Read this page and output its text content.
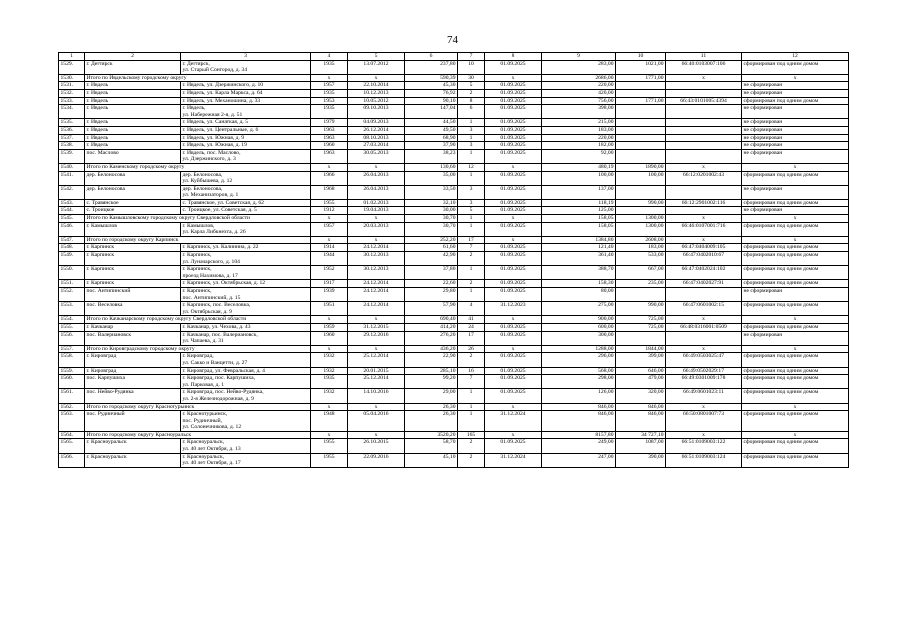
74
1	2	3	4	5	6	7	8	9	10	11	12
1529.	г. Дегтярск	г. Дегтярск,
ул. Старый Сонгород, д. 34	1935	13.07.2012	237,80	10	01.09.2025	283,00	1021,00	66:40:0103007:106	сформирован под одним домом
1530.	Итого по Ивдельскому городскому округу		x	x	590,39	30	x	2686,00	1771,00	x	x
1531.	г. Ивдель	г. Ивдель, ул. Дзержинского, д. 10	1957	22.10.2014	45,30	5	01.09.2025	220,00			не сформирован
1532.	г. Ивдель	г. Ивдель, ул. Карла Маркса, д. 64	1935	10.12.2013	76,92	2	01.09.2025	420,00			не сформирован
1533.	г. Ивдель	г. Ивдель, ул. Механошина, д. 33	1953	10.05.2012	90,10	8	01.09.2025	756,00	1771,00	66:43:0101005:4394	сформирован под одним домом
1534.	г. Ивдель	г. Ивдель,
ул. Набережная 2-я, д. 51	1935	09.10.2013	147,04	6	01.09.2025	398,00			не сформирован
1535.	г. Ивдель	г. Ивдель, ул. Санаткая, д. 5	1979	04.09.2013	44,50	1	01.09.2025	215,00			не сформирован
1536.	г. Ивдель	г. Ивдель, ул. Центральные, д. 6	1963	26.12.2014	49,50	3	01.09.2025	183,00			не сформирован
1537.	г. Ивдель	г. Ивдель, ул. Южная, д. 9	1963	08.10.2013	68,90	1	01.09.2025	220,00			не сформирован
1538.	г. Ивдель	г. Ивдель, ул. Южная, д. 19	1960	27.03.2014	37,90	3	01.09.2025	182,00			не сформирован
1539.	пос. Маслово	г. Ивдель, пос. Маслово,
ул. Дзержинского, д. 3	1963	30.05.2013	38,23	1	01.09.2025	92,00			не сформирован
1540.	Итого по Каменскому городскому округу		x	x	130,60	12	x	480,19	1890,00	x	x
1541.	дер. Белоносова	дер. Белоносова,
ул. Куйбышева, д. 12	1966	26.04.2013	35,00	1	01.09.2025	100,00	100,00	66:12:0201002:43	сформирован под одним домом
1542.	дер. Белоносова	дер. Белоносова,
ул. Механизаторов, д. 1	1968	26.04.2013	33,50	3	01.09.2025	137,00			не сформирован
1543.	с. Травянское	с. Травянское, ул. Советская, д. 62	1955	01.02.2013	32,10	3	01.09.2025	118,19	990,00	66:12:2901002:116	сформирован под одним домом
1544.	с. Троицкое	с. Троицкое, ул. Советская, д. 5	1912	19.04.2013	30,00	5	01.09.2025	125,00			не сформирован
1545.	Итого по Камышловскому городскому округу Свердловской области		x	x	30,70	1	x	158,05	1300,00	x	x
1546.	г. Камышлов	г. Камышлов,
ул. Карла Либкнехта, д. 26	1957	20.03.2013	30,70	1	01.09.2025	158,05	1300,00	66:46:0107001:716	сформирован под одним домом
1547.	Итого по городскому округу Карпинск		x	x	252,20	17	x	1384,80	2608,00	x	x
1548.	г. Карпинск	г. Карпинск, ул. Калинина, д. 22	1914	24.12.2014	61,60	7	01.09.2025	121,40	183,00	66:47:0404009:105	сформирован под одним домом
1549.	г. Карпинск	г. Карпинск,
ул. Луначарского, д. 104	1944	30.12.2013	42,90	2	01.09.2025	361,40	533,00	66:47:0402010:67	сформирован под одним домом
1550.	г. Карпинск	г. Карпинск,
проезд Нахимова, д. 17	1952	30.12.2013	37,80	1	01.09.2025	388,70	667,00	66:47:0402024:102	сформирован под одним домом
1551.	г. Карпинск	г. Карпинск, ул. Октябрьская, д. 12	1917	24.12.2014	22,60	2	01.09.2025	158,30	235,00	66:47:0402027:91	сформирован под одним домом
1552.	пос. Антипинский	г. Карпинск,
пос. Антипинский, д. 15	1939	24.12.2014	29,80	1	01.09.2025	80,00			не сформирован
1553.	пос. Веселовка	г. Карпинск, пос. Веселовка,
ул. Октябрьская, д. 9	1951	24.12.2014	57,90	4	31.12.2023	275,00	990,00	66:47:0601002:15	сформирован под одним домом
1554.	Итого по Качканарскому городскому округу Свердловской области		x	x	690,40	41	x	900,00	725,00	x	x
1555.	г. Качканар	г. Качканар, ул. Чехова, д. 43	1959	31.12.2015	414,20	24	01.09.2025	600,00	725,00	66:48:0316001:0509	сформирован под одним домом
1556.	пос. Валериановск	г. Качканар, пос. Валериановск,
ул. Чапаева, д. 31	1960	29.12.2016	276,20	17	01.09.2025	300,00			не сформирован
1557.	Итого по Кировградскому городскому округу		x	x	436,20	26	x	1288,00	1844,00	x	x
1558.	г. Кировград	г. Кировград,
ул. Сакко и Ванцетти, д. 27	1932	25.12.2014	22,90	2	01.09.2025	296,00	399,00	66:49:0503025:47	сформирован под одним домом
1559.	г. Кировград	г. Кировград, ул. Февральская, д. 4	1932	20.01.2015	285,10	16	01.09.2025	568,00	646,00	66:49:0502029:17	сформирован под одним домом
1560.	пос. Карпушиха	г. Кировград, пос. Карпушиха,
ул. Парковая, д. 1	1935	25.12.2014	99,20	7	01.09.2025	298,00	479,00	66:49:0301009:178	сформирован под одним домом
1561.	пос. Нейво-Рудянка	г. Кировград, пос. Нейво-Рудянка,
ул. 2-я Железнодорожная, д. 9	1932	14.10.2016	29,00	1	01.09.2025	126,00	320,00	66:49:0601023:11	сформирован под одним домом
1562.	Итого по городскому округу Краснотурьинск		x	x	26,30	1	x	846,00	846,00	x	x
1563.	пос. Рудничный	г. Краснотурьинск,
пос. Рудничный,
ул. Солонечникова, д. 12	1948	05.04.2016	26,30	1	31.12.2024	846,00	846,00	66:50:0801007:73	сформирован под одним домом
1564.	Итого по городскому округу Красноуральск		x	x	3520,20	165	x	8157,80	34 727,10	x	x
1565.	г. Красноуральск	г. Красноуральск,
ул. 40 лет Октября, д. 13	1955	26.10.2015	58,70	2	01.09.2025	249,00	1087,00	66:51:0109003:122	сформирован под одним домом
1566.	г. Красноуральск	г. Красноуральск,
ул. 40 лет Октября, д. 17	1955	22.09.2016	45,10	2	31.12.2024	247,00	390,00	66:51:0109003:124	сформирован под одним домом
